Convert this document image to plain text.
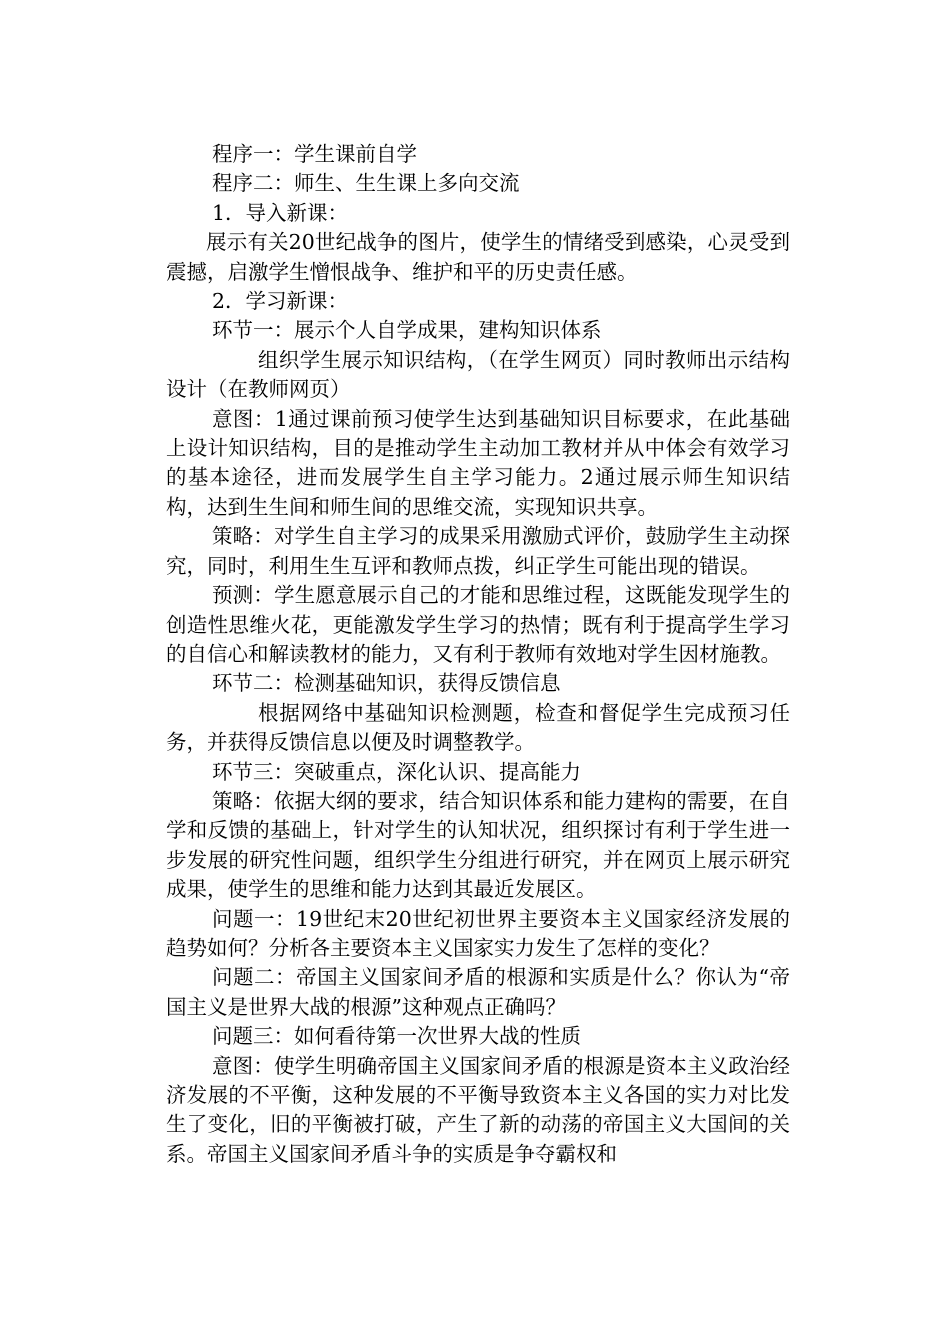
程序一：学生课前自学

程序二：师生、生生课上多向交流

1．导入新课：

展示有关20世纪战争的图片，使学生的情绪受到感染，心灵受到震撼，启激学生憎恨战争、维护和平的历史责任感。

2．学习新课：

环节一：展示个人自学成果，建构知识体系

组织学生展示知识结构，（在学生网页）同时教师出示结构设计（在教师网页）

意图：1通过课前预习使学生达到基础知识目标要求，在此基础上设计知识结构，目的是推动学生主动加工教材并从中体会有效学习的基本途径，进而发展学生自主学习能力。2通过展示师生知识结构，达到生生间和师生间的思维交流，实现知识共享。

策略：对学生自主学习的成果采用激励式评价，鼓励学生主动探究，同时，利用生生互评和教师点拨，纠正学生可能出现的错误。

预测：学生愿意展示自己的才能和思维过程，这既能发现学生的创造性思维火花，更能激发学生学习的热情；既有利于提高学生学习的自信心和解读教材的能力，又有利于教师有效地对学生因材施教。

环节二：检测基础知识，获得反馈信息

根据网络中基础知识检测题，检查和督促学生完成预习任务，并获得反馈信息以便及时调整教学。

环节三：突破重点，深化认识、提高能力

策略：依据大纲的要求，结合知识体系和能力建构的需要，在自学和反馈的基础上，针对学生的认知状况，组织探讨有利于学生进一步发展的研究性问题，组织学生分组进行研究，并在网页上展示研究成果，使学生的思维和能力达到其最近发展区。

问题一：19世纪末20世纪初世界主要资本主义国家经济发展的趋势如何？分析各主要资本主义国家实力发生了怎样的变化？

问题二：帝国主义国家间矛盾的根源和实质是什么？你认为“帝国主义是世界大战的根源”这种观点正确吗？

问题三：如何看待第一次世界大战的性质

意图：使学生明确帝国主义国家间矛盾的根源是资本主义政治经济发展的不平衡，这种发展的不平衡导致资本主义各国的实力对比发生了变化，旧的平衡被打破，产生了新的动荡的帝国主义大国间的关系。帝国主义国家间矛盾斗争的实质是争夺霸权和
